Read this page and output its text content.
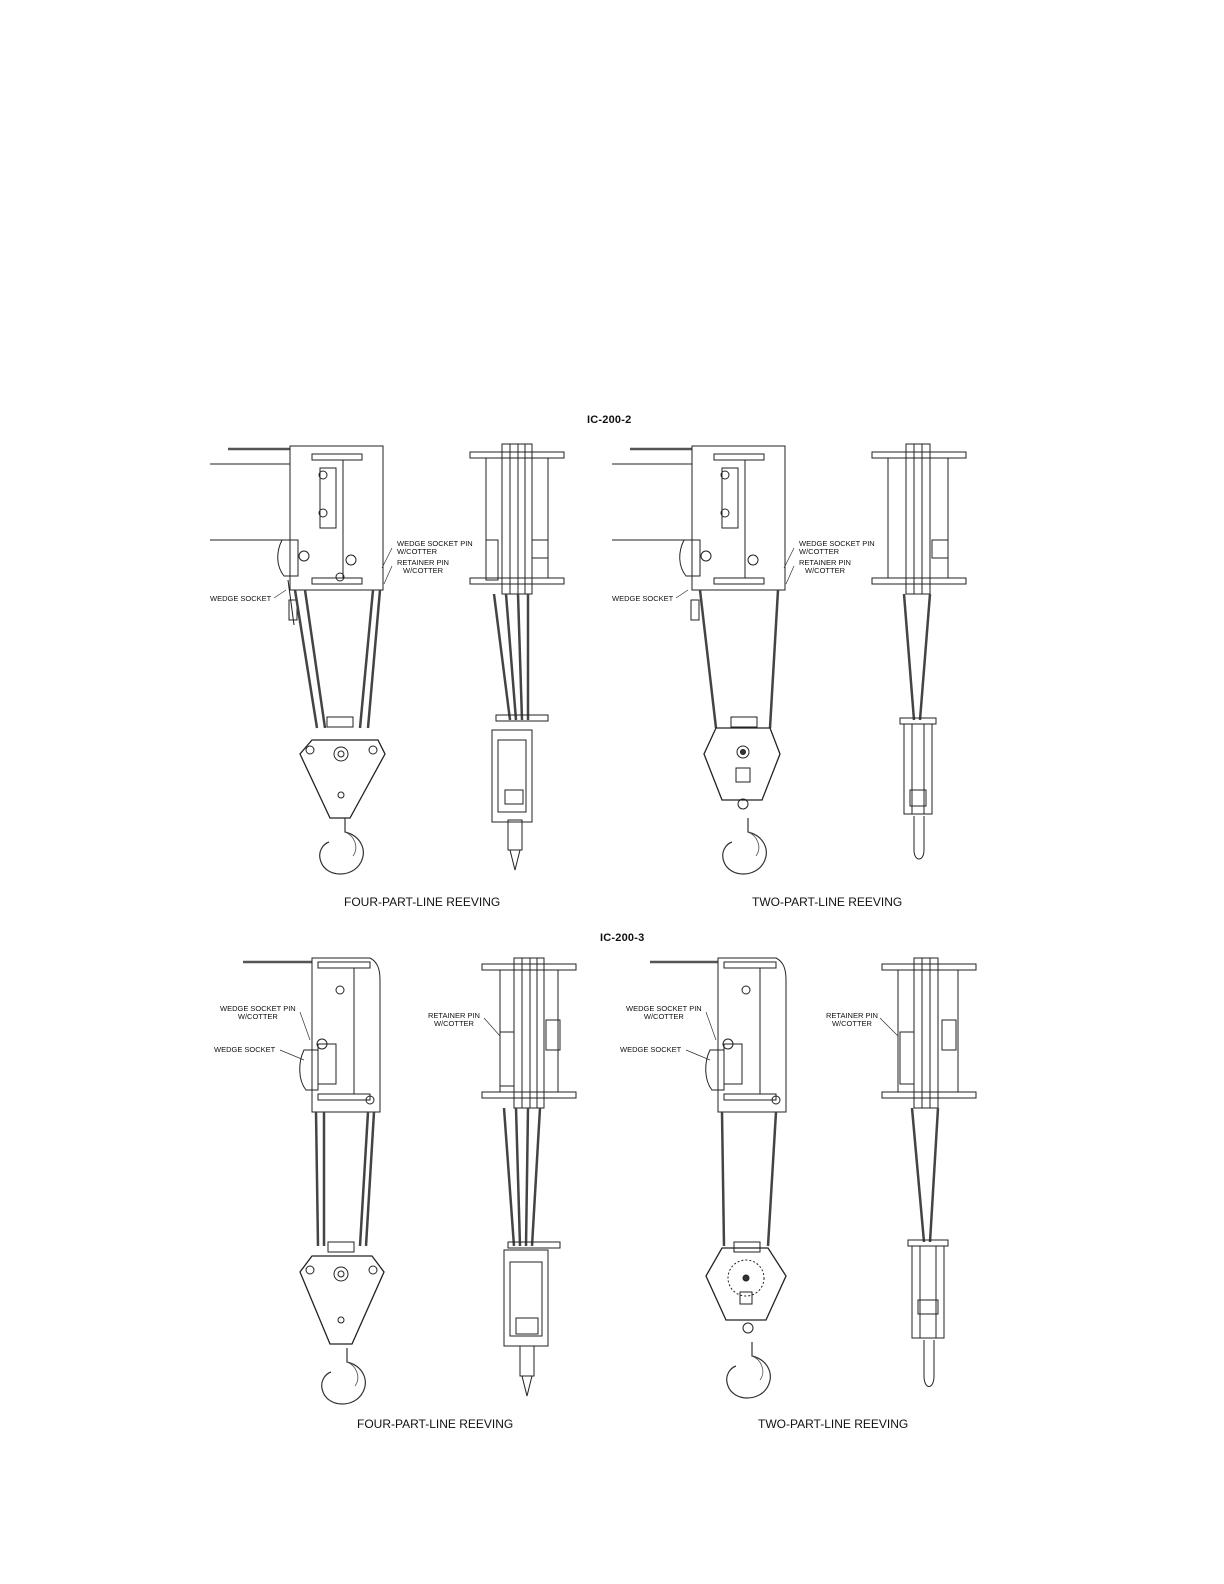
IC-200-2
IC-200-3
WEDGE SOCKET PIN
W/COTTER
RETAINER PIN
W/COTTER
WEDGE SOCKET
WEDGE SOCKET PIN
W/COTTER
RETAINER PIN
W/COTTER
WEDGE SOCKET
FOUR-PART-LINE REEVING	TWO-PART-LINE REEVING
WEDGE SOCKET PIN
W/COTTER
WEDGE SOCKET
RETAINER PIN
W/COTTER
WEDGE SOCKET PIN
W/COTTER
WEDGE SOCKET
RETAINER PIN
W/COTTER
FOUR-PART-LINE REEVING	TWO-PART-LINE REEVING
